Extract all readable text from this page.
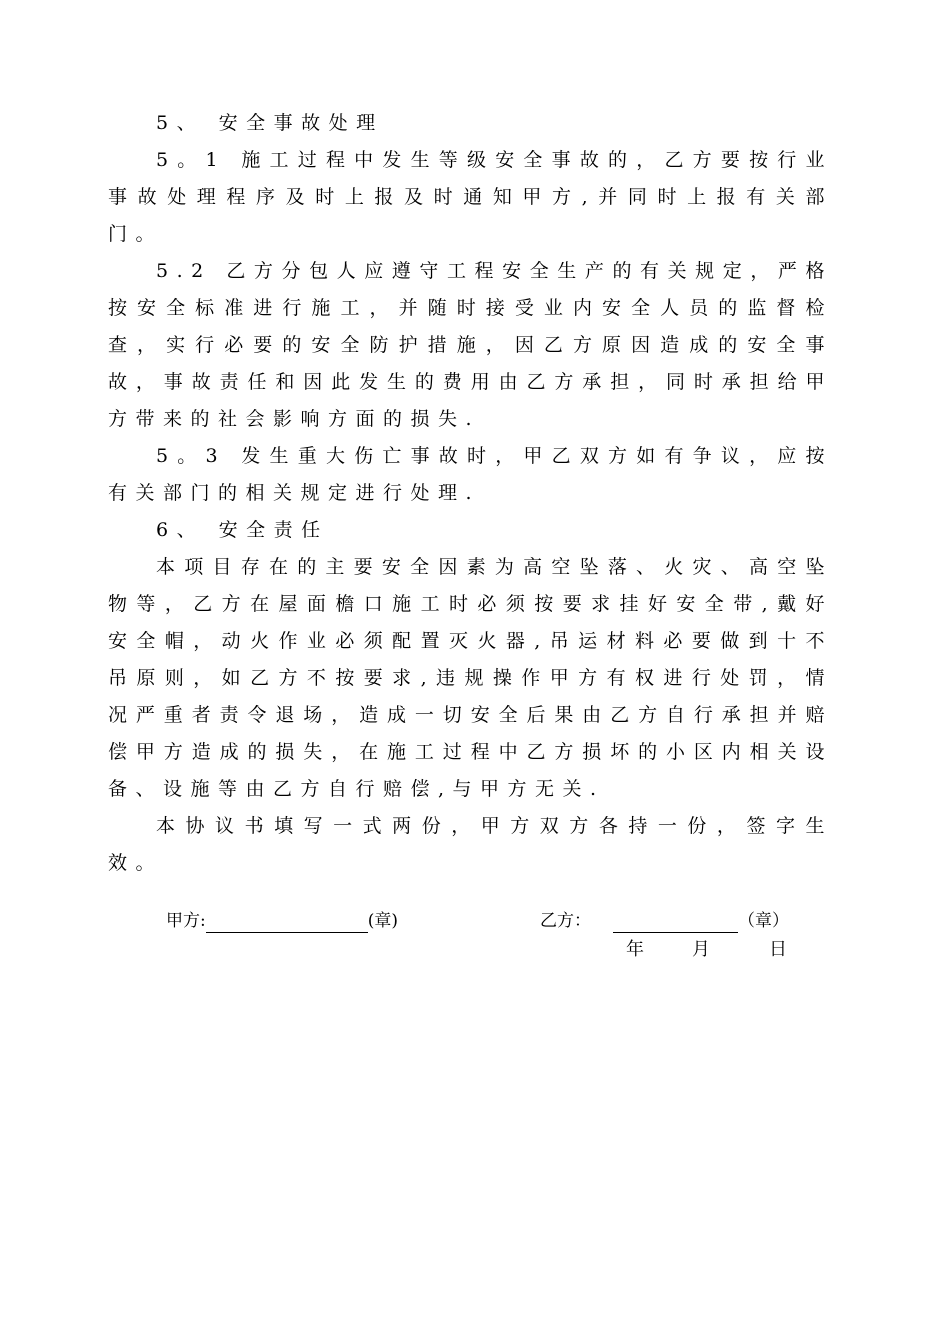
5、 安全事故处理

5。1 施工过程中发生等级安全事故的，乙方要按行业事故处理程序及时上报及时通知甲方,并同时上报有关部门。

5.2 乙方分包人应遵守工程安全生产的有关规定，严格按安全标准进行施工，并随时接受业内安全人员的监督检查，实行必要的安全防护措施，因乙方原因造成的安全事故，事故责任和因此发生的费用由乙方承担，同时承担给甲方带来的社会影响方面的损失.

5。3 发生重大伤亡事故时，甲乙双方如有争议，应按有关部门的相关规定进行处理.

6、 安全责任

本项目存在的主要安全因素为高空坠落、火灾、高空坠物等，乙方在屋面檐口施工时必须按要求挂好安全带,戴好安全帽，动火作业必须配置灭火器,吊运材料必要做到十不吊原则，如乙方不按要求,违规操作甲方有权进行处罚，情况严重者责令退场，造成一切安全后果由乙方自行承担并赔偿甲方造成的损失，在施工过程中乙方损坏的小区内相关设备、设施等由乙方自行赔偿,与甲方无关.

本协议书填写一式两份，甲方双方各持一份，签字生效。

甲方:	(章)	乙方：	（章）
年	月	日
